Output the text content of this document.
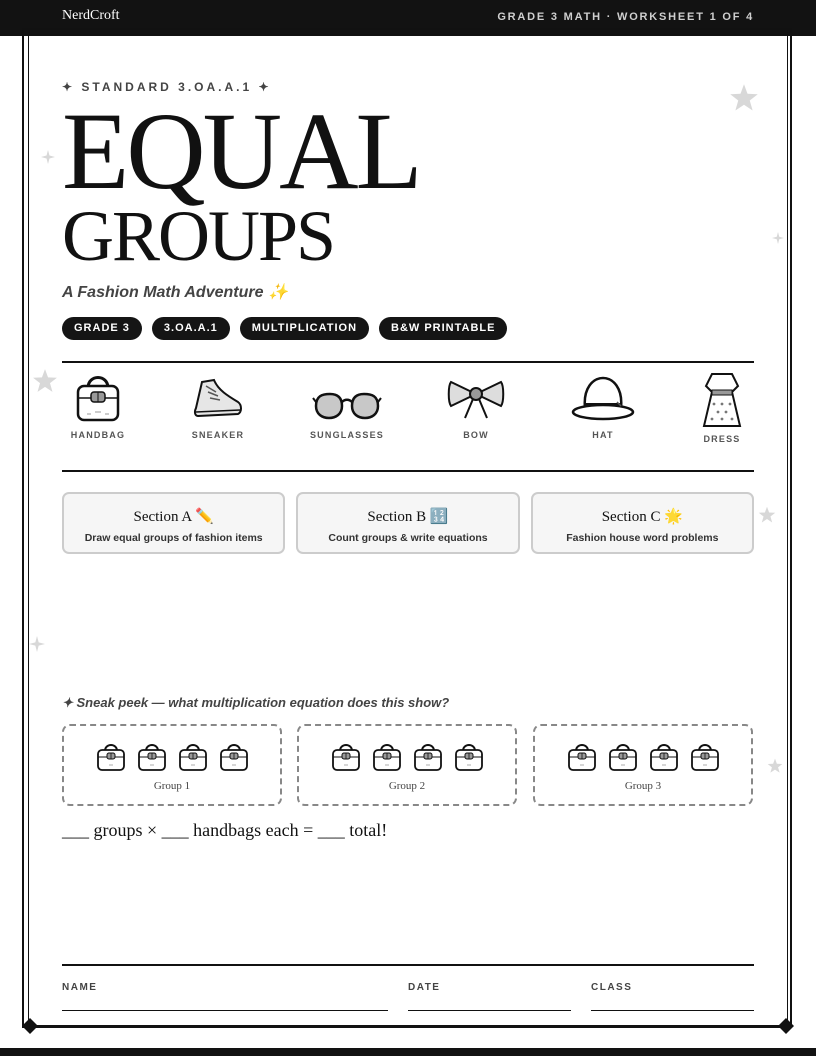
NerdCroft	GRADE 3 MATH · WORKSHEET 1 OF 4
✦ STANDARD 3.OA.A.1 ✦
EQUAL
GROUPS
A Fashion Math Adventure ✨
GRADE 3	3.OA.A.1	MULTIPLICATION	B&W PRINTABLE
HANDBAG	SNEAKER	SUNGLASSES	BOW	HAT	DRESS
Section A ✏️
Draw equal groups of fashion items
Section B 🔢
Count groups & write equations
Section C 🌟
Fashion house word problems
✦ Sneak peek — what multiplication equation does this show?
Group 1	Group 2	Group 3
___ groups × ___ handbags each = ___ total!
NAME	DATE	CLASS
